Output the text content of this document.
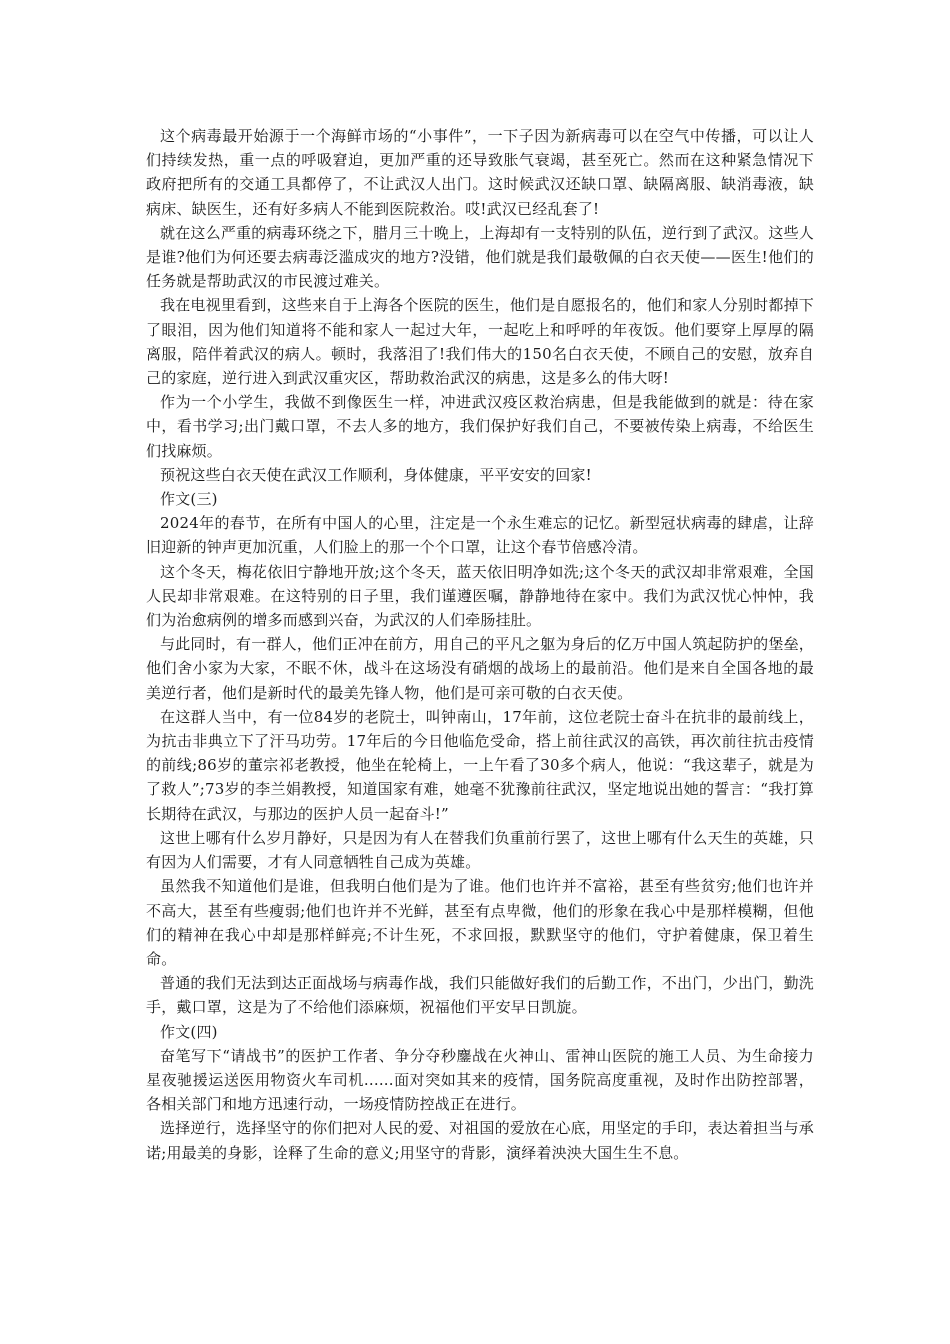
这个病毒最开始源于一个海鲜市场的“小事件”，一下子因为新病毒可以在空气中传播，可以让人们持续发热，重一点的呼吸窘迫，更加严重的还导致胀气衰竭，甚至死亡。然而在这种紧急情况下政府把所有的交通工具都停了，不让武汉人出门。这时候武汉还缺口罩、缺隔离服、缺消毒液，缺病床、缺医生，还有好多病人不能到医院救治。哎!武汉已经乱套了!

就在这么严重的病毒环绕之下，腊月三十晚上，上海却有一支特别的队伍，逆行到了武汉。这些人是谁?他们为何还要去病毒泛滥成灾的地方?没错，他们就是我们最敬佩的白衣天使——医生!他们的任务就是帮助武汉的市民渡过难关。

我在电视里看到，这些来自于上海各个医院的医生，他们是自愿报名的，他们和家人分别时都掉下了眼泪，因为他们知道将不能和家人一起过大年，一起吃上和呼呼的年夜饭。他们要穿上厚厚的隔离服，陪伴着武汉的病人。顿时，我落泪了!我们伟大的150名白衣天使，不顾自己的安慰，放弃自己的家庭，逆行进入到武汉重灾区，帮助救治武汉的病患，这是多么的伟大呀!

作为一个小学生，我做不到像医生一样，冲进武汉疫区救治病患，但是我能做到的就是：待在家中，看书学习;出门戴口罩，不去人多的地方，我们保护好我们自己，不要被传染上病毒，不给医生们找麻烦。

预祝这些白衣天使在武汉工作顺利，身体健康，平平安安的回家!

作文(三)

2024年的春节，在所有中国人的心里，注定是一个永生难忘的记忆。新型冠状病毒的肆虐，让辞旧迎新的钟声更加沉重，人们脸上的那一个个口罩，让这个春节倍感冷清。

这个冬天，梅花依旧宁静地开放;这个冬天，蓝天依旧明净如洗;这个冬天的武汉却非常艰难，全国人民却非常艰难。在这特别的日子里，我们谨遵医嘱，静静地待在家中。我们为武汉忧心忡忡，我们为治愈病例的增多而感到兴奋，为武汉的人们牵肠挂肚。

与此同时，有一群人，他们正冲在前方，用自己的平凡之躯为身后的亿万中国人筑起防护的堡垒，他们舍小家为大家，不眠不休，战斗在这场没有硝烟的战场上的最前沿。他们是来自全国各地的最美逆行者，他们是新时代的最美先锋人物，他们是可亲可敬的白衣天使。

在这群人当中，有一位84岁的老院士，叫钟南山，17年前，这位老院士奋斗在抗非的最前线上，为抗击非典立下了汗马功劳。17年后的今日他临危受命，搭上前往武汉的高铁，再次前往抗击疫情的前线;86岁的董宗祁老教授，他坐在轮椅上，一上午看了30多个病人，他说：“我这辈子，就是为了救人”;73岁的李兰娟教授，知道国家有难，她毫不犹豫前往武汉，坚定地说出她的誓言：“我打算长期待在武汉，与那边的医护人员一起奋斗!”

这世上哪有什么岁月静好，只是因为有人在替我们负重前行罢了，这世上哪有什么天生的英雄，只有因为人们需要，才有人同意牺牲自己成为英雄。

虽然我不知道他们是谁，但我明白他们是为了谁。他们也许并不富裕，甚至有些贫穷;他们也许并不高大，甚至有些瘦弱;他们也许并不光鲜，甚至有点卑微，他们的形象在我心中是那样模糊，但他们的精神在我心中却是那样鲜亮;不计生死，不求回报，默默坚守的他们，守护着健康，保卫着生命。

普通的我们无法到达正面战场与病毒作战，我们只能做好我们的后勤工作，不出门，少出门，勤洗手，戴口罩，这是为了不给他们添麻烦，祝福他们平安早日凯旋。

作文(四)

奋笔写下“请战书”的医护工作者、争分夺秒鏖战在火神山、雷神山医院的施工人员、为生命接力星夜驰援运送医用物资火车司机......面对突如其来的疫情，国务院高度重视，及时作出防控部署，各相关部门和地方迅速行动，一场疫情防控战正在进行。

选择逆行，选择坚守的你们把对人民的爱、对祖国的爱放在心底，用坚定的手印，表达着担当与承诺;用最美的身影，诠释了生命的意义;用坚守的背影，演绎着泱泱大国生生不息。
